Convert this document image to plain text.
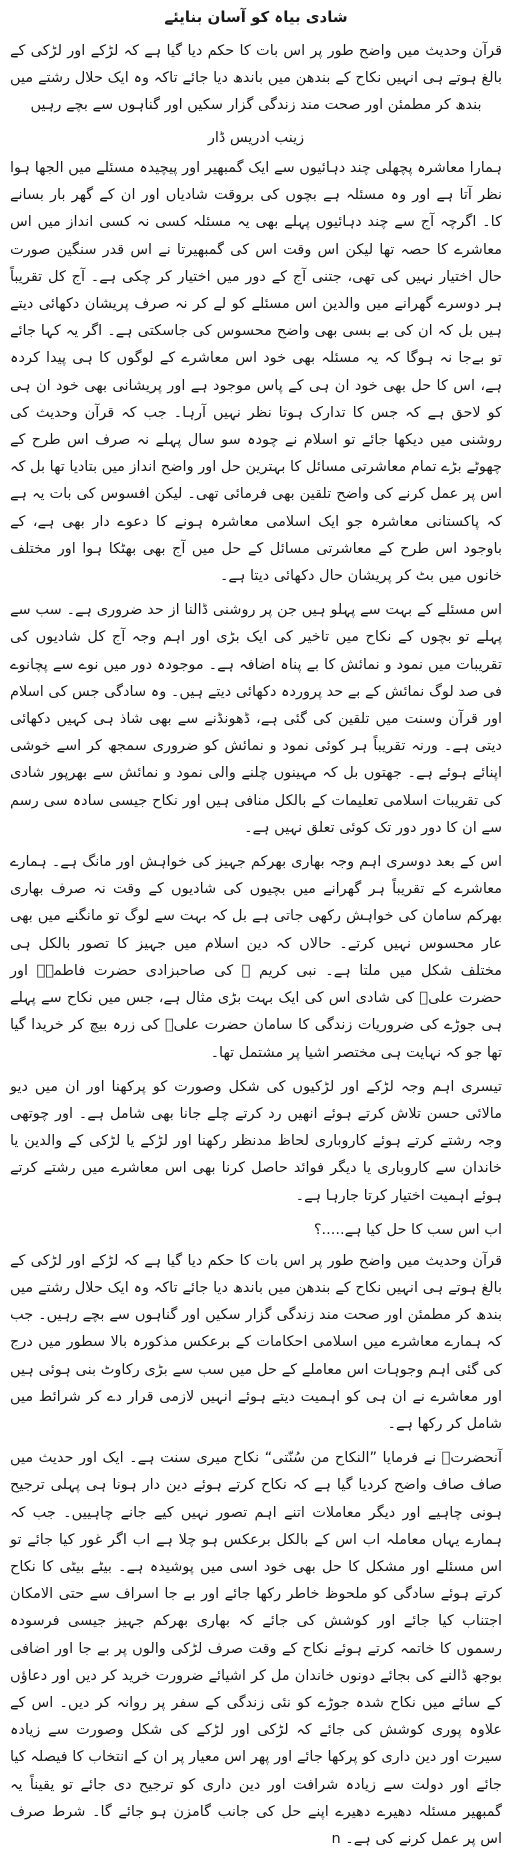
شادی بیاہ کو آسان بنایئے

قرآن وحدیث میں واضح طور پر اس بات کا حکم دیا گیا ہے کہ لڑکے اور لڑکی کے بالغ ہوتے ہی انہیں نکاح کے بندھن میں باندھ دیا جائے تاکہ وہ ایک حلال رشتے میں بندھ کر مطمئن اور صحت مند زندگی گزار سکیں اور گناہوں سے بچے رہیں

زینب ادریس ڈار

ہمارا معاشرہ پچھلی چند دہائیوں سے ایک گمبھیر اور پیچیدہ مسئلے میں الجھا ہوا نظر آتا ہے اور وہ مسئلہ ہے بچوں کی بروقت شادیاں اور ان کے گھر بار بسانے کا۔ اگرچہ آج سے چند دہائیوں پہلے بھی یہ مسئلہ کسی نہ کسی انداز میں اس معاشرے کا حصہ تھا لیکن اس وقت اس کی گمبھیرتا نے اس قدر سنگین صورت حال اختیار نہیں کی تھی، جتنی آج کے دور میں اختیار کر چکی ہے۔ آج کل تقریباً ہر دوسرے گھرانے میں والدین اس مسئلے کو لے کر نہ صرف پریشان دکھائی دیتے ہیں بل کہ ان کی بے بسی بھی واضح محسوس کی جاسکتی ہے۔ اگر یہ کہا جائے تو بےجا نہ ہوگا کہ یہ مسئلہ بھی خود اس معاشرے کے لوگوں کا ہی پیدا کردہ ہے، اس کا حل بھی خود ان ہی کے پاس موجود ہے اور پریشانی بھی خود ان ہی کو لاحق ہے کہ جس کا تدارک ہوتا نظر نہیں آرہا۔ جب کہ قرآن وحدیث کی روشنی میں دیکھا جائے تو اسلام نے چودہ سو سال پہلے نہ صرف اس طرح کے چھوٹے بڑے تمام معاشرتی مسائل کا بہترین حل اور واضح انداز میں بتادیا تھا بل کہ اس پر عمل کرنے کی واضح تلقین بھی فرمائی تھی۔ لیکن افسوس کی بات یہ ہے کہ پاکستانی معاشرہ جو ایک اسلامی معاشرہ ہونے کا دعوے دار بھی ہے، کے باوجود اس طرح کے معاشرتی مسائل کے حل میں آج بھی بھٹکا ہوا اور مختلف خانوں میں بٹ کر پریشان حال دکھائی دیتا ہے۔

اس مسئلے کے بہت سے پہلو ہیں جن پر روشنی ڈالنا از حد ضروری ہے۔ سب سے پہلے تو بچوں کے نکاح میں تاخیر کی ایک بڑی اور اہم وجہ آج کل شادیوں کی تقریبات میں نمود و نمائش کا بے پناہ اضافہ ہے۔ موجودہ دور میں نوے سے پچانوے فی صد لوگ نمائش کے بے حد پروردہ دکھائی دیتے ہیں۔ وہ سادگی جس کی اسلام اور قرآن وسنت میں تلقین کی گئی ہے، ڈھونڈنے سے بھی شاذ ہی کہیں دکھائی دیتی ہے۔ ورنہ تقریباً ہر کوئی نمود و نمائش کو ضروری سمجھ کر اسے خوشی اپنائے ہوئے ہے۔ جھتوں بل کہ مہینوں چلنے والی نمود و نمائش سے بھرپور شادی کی تقریبات اسلامی تعلیمات کے بالکل منافی ہیں اور نکاح جیسی سادہ سی رسم سے ان کا دور دور تک کوئی تعلق نہیں ہے۔

اس کے بعد دوسری اہم وجہ بھاری بھرکم جہیز کی خواہش اور مانگ ہے۔ ہمارے معاشرے کے تقریباً ہر گھرانے میں بچیوں کی شادیوں کے وقت نہ صرف بھاری بھرکم سامان کی خواہش رکھی جاتی ہے بل کہ بہت سے لوگ تو مانگنے میں بھی عار محسوس نہیں کرتے۔ حالاں کہ دین اسلام میں جہیز کا تصور بالکل ہی مختلف شکل میں ملتا ہے۔ نبی کریم ﷺ کی صاحبزادی حضرت فاطمہؓ اور حضرت علیؓ کی شادی اس کی ایک بہت بڑی مثال ہے، جس میں نکاح سے پہلے ہی جوڑے کی ضروریات زندگی کا سامان حضرت علیؓ کی زرہ بیچ کر خریدا گیا تھا جو کہ نہایت ہی مختصر اشیا پر مشتمل تھا۔

تیسری اہم وجہ لڑکے اور لڑکیوں کی شکل وصورت کو پرکھنا اور ان میں دیو مالائی حسن تلاش کرتے ہوئے انھیں رد کرتے چلے جانا بھی شامل ہے۔ اور چوتھی وجہ رشتے کرتے ہوئے کاروباری لحاظ مدنظر رکھنا اور لڑکے یا لڑکی کے والدین یا خاندان سے کاروباری یا دیگر فوائد حاصل کرنا بھی اس معاشرے میں رشتے کرتے ہوئے اہمیت اختیار کرتا جارہا ہے۔

اب اس سب کا حل کیا ہے.....؟

قرآن وحدیث میں واضح طور پر اس بات کا حکم دیا گیا ہے کہ لڑکے اور لڑکی کے بالغ ہوتے ہی انہیں نکاح کے بندھن میں باندھ دیا جائے تاکہ وہ ایک حلال رشتے میں بندھ کر مطمئن اور صحت مند زندگی گزار سکیں اور گناہوں سے بچے رہیں۔ جب کہ ہمارے معاشرے میں اسلامی احکامات کے برعکس مذکورہ بالا سطور میں درج کی گئی اہم وجوہات اس معاملے کے حل میں سب سے بڑی رکاوٹ بنی ہوئی ہیں اور معاشرے نے ان ہی کو اہمیت دیتے ہوئے انہیں لازمی قرار دے کر شرائط میں شامل کر رکھا ہے۔

آنحضرتؐ نے فرمایا ”النکاح من سُنّتی“ نکاح میری سنت ہے۔ ایک اور حدیث میں صاف صاف واضح کردیا گیا ہے کہ نکاح کرتے ہوئے دین دار ہونا ہی پہلی ترجیح ہونی چاہیے اور دیگر معاملات اتنے اہم تصور نہیں کیے جانے چاہییں۔ جب کہ ہمارے یہاں معاملہ اب اس کے بالکل برعکس ہو چلا ہے اب اگر غور کیا جائے تو اس مسئلے اور مشکل کا حل بھی خود اسی میں پوشیدہ ہے۔ بیٹے بیٹی کا نکاح کرتے ہوئے سادگی کو ملحوظ خاطر رکھا جائے اور بے جا اسراف سے حتی الامکان اجتناب کیا جائے اور کوشش کی جائے کہ بھاری بھرکم جہیز جیسی فرسودہ رسموں کا خاتمہ کرتے ہوئے نکاح کے وقت صرف لڑکی والوں پر بے جا اور اضافی بوجھ ڈالنے کی بجائے دونوں خاندان مل کر اشیائے ضرورت خرید کر دیں اور دعاؤں کے سائے میں نکاح شدہ جوڑے کو نئی زندگی کے سفر پر روانہ کر دیں۔ اس کے علاوہ پوری کوشش کی جائے کہ لڑکی اور لڑکے کی شکل وصورت سے زیادہ سیرت اور دین داری کو پرکھا جائے اور پھر اس معیار پر ان کے انتخاب کا فیصلہ کیا جائے اور دولت سے زیادہ شرافت اور دین داری کو ترجیح دی جائے تو یقیناً یہ گمبھیر مسئلہ دھیرے دھیرے اپنے حل کی جانب گامزن ہو جائے گا۔ شرط صرف اس پر عمل کرنے کی ہے۔ n
